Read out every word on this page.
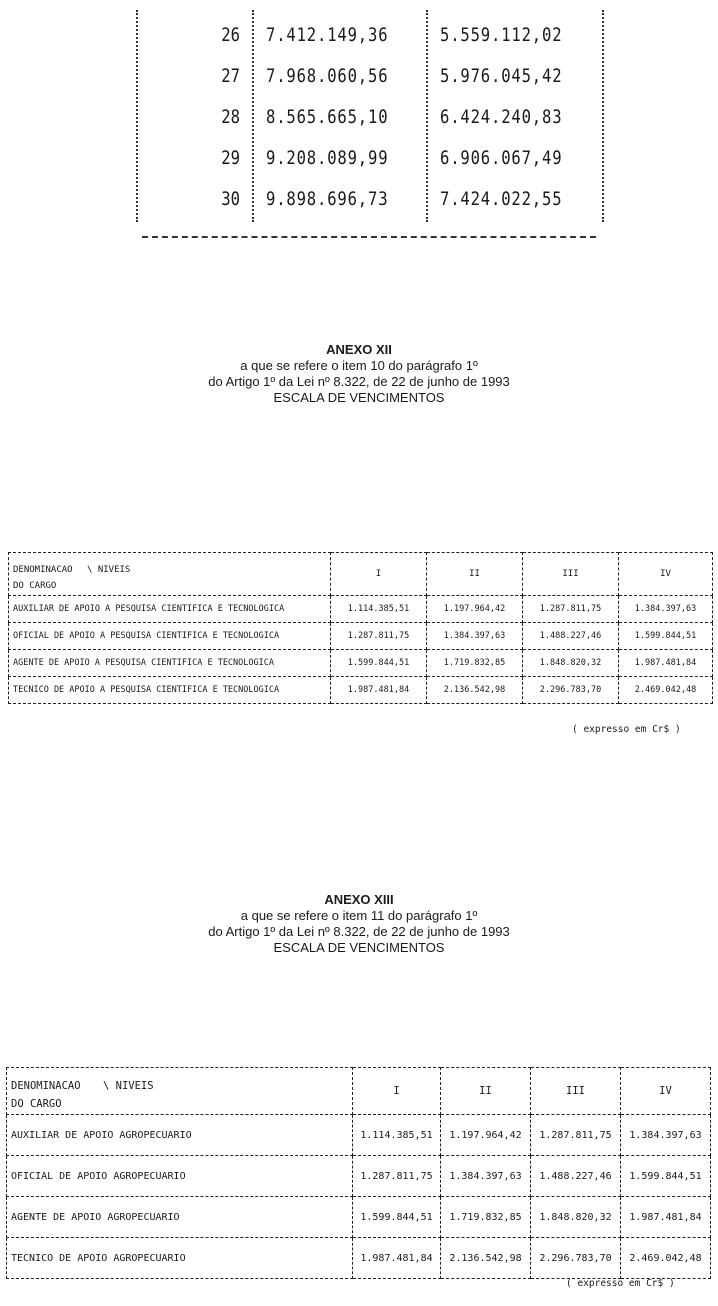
26 7.412.149,36	5.559.112,02
27 7.968.060,56	5.976.045,42
28 8.565.665,10	6.424.240,83
29 9.208.089,99	6.906.067,49
30 9.898.696,73	7.424.022,55
ANEXO XII
a que se refere o item 10 do parágrafo 1º
do Artigo 1º da Lei nº 8.322, de 22 de junho de 1993
ESCALA DE VENCIMENTOS
DENOMINACAO \ NIVEIS
DO CARGO	I	II	III	IV
AUXILIAR DE APOIO A PESQUISA CIENTIFICA E TECNOLOGICA	1.114.385,51	1.197.964,42	1.287.811,75	1.384.397,63
OFICIAL DE APOIO A PESQUISA CIENTIFICA E TECNOLOGICA	1.287.811,75	1.384.397,63	1.488.227,46	1.599.844,51
AGENTE DE APOIO A PESQUISA CIENTIFICA E TECNOLOGICA	1.599.844,51	1.719.832,85	1.848.820,32	1.987.481,84
TECNICO DE APOIO A PESQUISA CIENTIFICA E TECNOLOGICA	1.987.481,84	2.136.542,98	2.296.783,70	2.469.042,48
( expresso em Cr$ )
ANEXO XIII
a que se refere o item 11 do parágrafo 1º
do Artigo 1º da Lei nº 8.322, de 22 de junho de 1993
ESCALA DE VENCIMENTOS
DENOMINACAO \ NIVEIS
DO CARGO	I	II	III	IV
AUXILIAR DE APOIO AGROPECUARIO	1.114.385,51	1.197.964,42	1.287.811,75	1.384.397,63
OFICIAL DE APOIO AGROPECUARIO	1.287.811,75	1.384.397,63	1.488.227,46	1.599.844,51
AGENTE DE APOIO AGROPECUARIO	1.599.844,51	1.719.832,85	1.848.820,32	1.987.481,84
TECNICO DE APOIO AGROPECUARIO	1.987.481,84	2.136.542,98	2.296.783,70	2.469.042,48
( expresso em Cr$ )
